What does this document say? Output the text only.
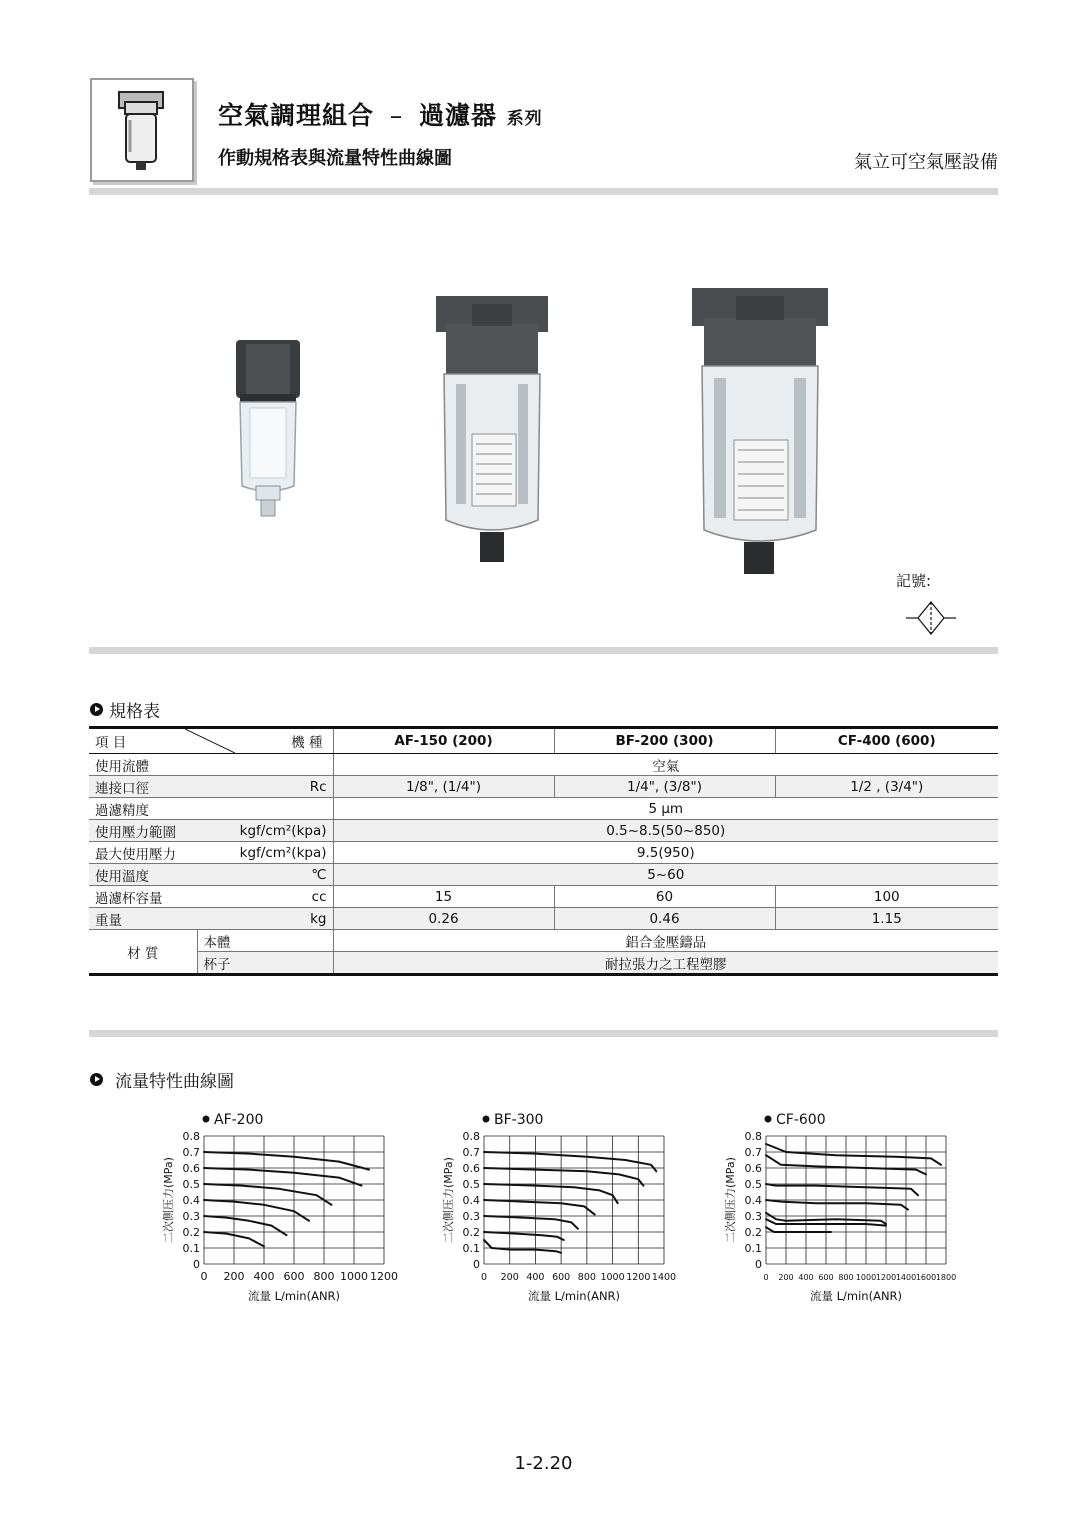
空氣調理組合 – 過濾器 系列
作動規格表與流量特性曲線圖	氣立可空氣壓設備
記號:
規格表
項 目 機 種		AF-150 (200)	BF-200 (300)	CF-400 (600)
使用流體		空氣		
連接口徑	Rc	1/8", (1/4")	1/4", (3/8")	1/2 , (3/4")
過濾精度		5 μm		
使用壓力範圍	kgf/cm²(kpa)	0.5~8.5(50~850)		
最大使用壓力	kgf/cm²(kpa)	9.5(950)		
使用溫度	℃	5~60		
過濾杯容量	cc	15	60	100
重量	kg	0.26	0.46	1.15
材 質	本體	鋁合金壓鑄品		
	杯子	耐拉張力之工程塑膠		
流量特性曲線圖
AF-200
0.8
0.7
0.6
0.5
0.4
0.3
0.2
0.1
0
0 200 400 600 800 1000 1200
流量 L/min(ANR)
二次側压力(MPa)
BF-300
0.8
0.7
0.6
0.5
0.4
0.3
0.2
0.1
0
0 200 400 600 800 1000 1200 1400
流量 L/min(ANR)
二次側压力(MPa)
CF-600
0.8
0.7
0.6
0.5
0.4
0.3
0.2
0.1
0
0 200 400 600 800 1000 1200 1400 1600 1800
流量 L/min(ANR)
二次側压力(MPa)
1-2.20
